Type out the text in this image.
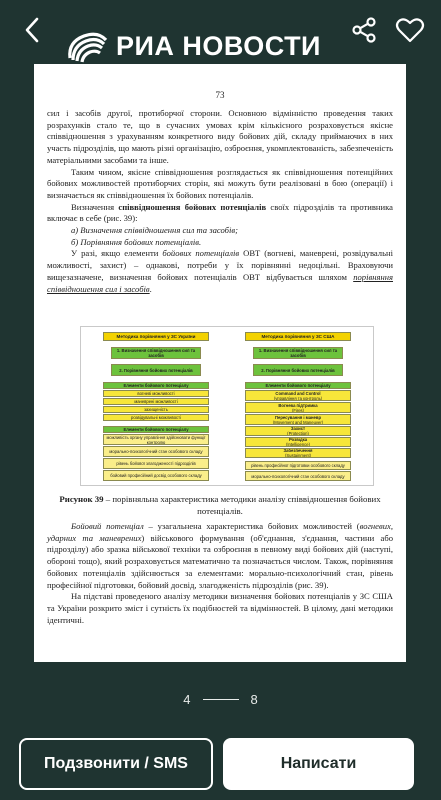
РИА НОВОСТИ
73

сил і засобів другої, протиборчої сторони. Основною відмінністю проведення таких розрахунків стало те, що в сучасних умовах крім кількісного розраховується якісне співвідношення з урахуванням конкретного виду бойових дій, складу приймаючих в них участь підрозділів, що мають різні організацію, озброєння, укомплектованість, забезпеченість матеріальними засобами та інше.

Таким чином, якісне співвідношення розглядається як співвідношення потенційних бойових можливостей протиборчих сторін, які можуть бути реалізовані в бою (операції) і визначається як співвідношення їх бойових потенціалів.

Визначення співвідношення бойових потенціалів своїх підрозділів та противника включає в себе (рис. 39):

а) Визначення співвідношення сил та засобів;

б) Порівняння бойових потенціалів.

У разі, якщо елементи бойових потенціалів ОВТ (вогневі, маневрені, розвідувальні можливості, захист) – однакові, потреби у їх порівнянні недоцільні. Враховуючи вищезазначене, визначення бойових потенціалів ОВТ відбувається шляхом порівняння співвідношення сил і засобів.

Методика порівняння у ЗС України
1. Визначення співвідношення сил та засобів
2. Порівняння бойових потенціалів
Елементи бойового потенціалу
вогневі можливості
маневрені можливості
захищеність
розвідувальні можливості
Елементи бойового потенціалу
можливість органу управління здійснювати функції контролю
морально-психологічний стан особового складу
рівень бойової злагодженості підрозділів
бойовий професійний досвід особового складу
Методика порівняння у ЗС США
1. Визначення співвідношення сил та засобів
2. Порівняння бойових потенціалів
Елементи бойового потенціалу
Command and Control
(управління та контроль)
Вогнева підтримка
(Fires)
Пересування і маневр
(Movement and Maneuver)
Захист
(Protection)
Розвідка
(Intelligence)
Забезпечення
(Sustainment)
рівень професійної підготовки особового складу
морально-психологічний стан особового складу
Рисунок 39 – порівняльна характеристика методики аналізу співвідношення бойових потенціалів.

Бойовий потенціал – узагальнена характеристика бойових можливостей (вогневих, ударних та маневрених) військового формування (об'єднання, з'єднання, частини або підрозділу) або зразка військової техніки та озброєння в певному виді бойових дій (наступі, обороні тощо), який розраховується математично та позначається числом. Також, порівняння бойових потенціалів здійснюється за елементами: морально-психологічний стан, рівень професійної підготовки, бойовий досвід, злагодженість підрозділів (рис. 39).

На підставі проведеного аналізу методики визначення бойових потенціалів у ЗС США та України розкрито зміст і сутність їх подібностей та відмінностей. В цілому, дані методики ідентичні.

4	8
Подзвонити / SMS	Написати
